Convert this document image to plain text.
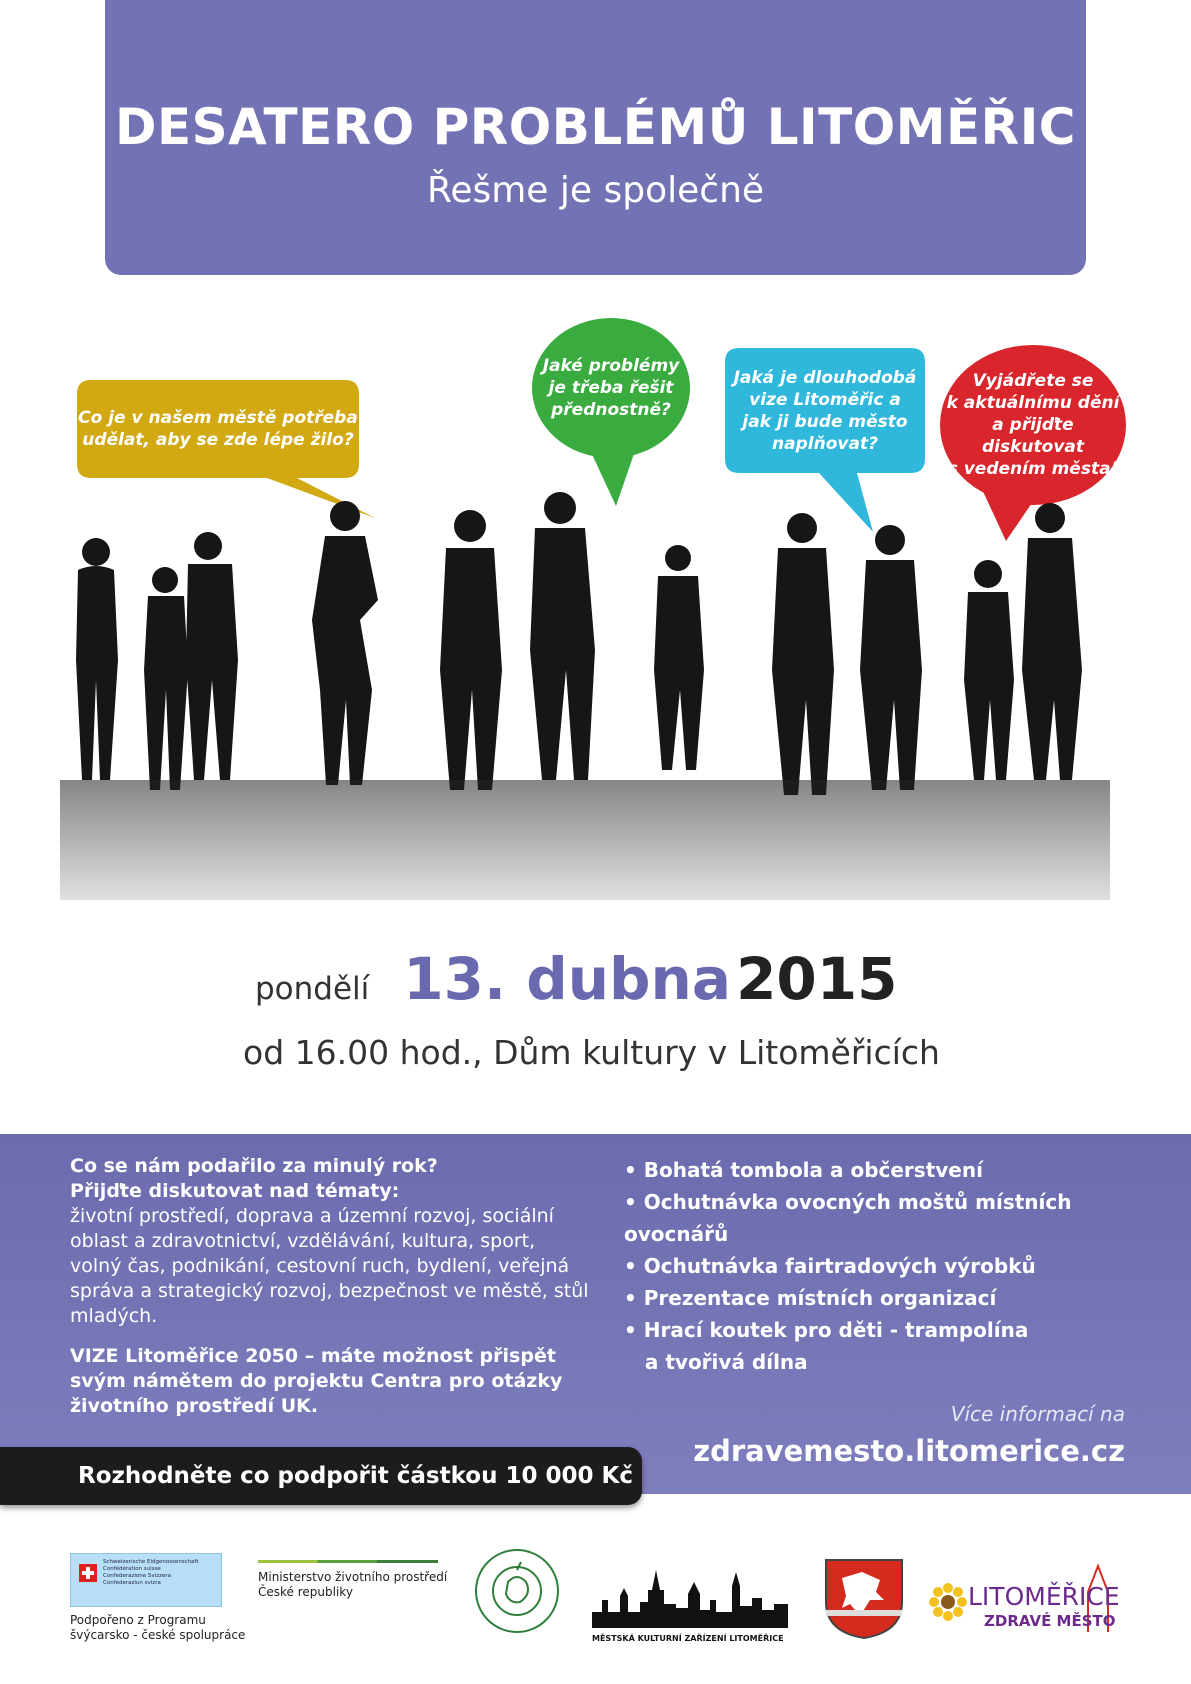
DESATERO PROBLÉMŮ LITOMĚŘIC
Řešme je společně
Co je v našem městě potřeba
udělat, aby se zde lépe žilo?
Jaké problémy
je třeba řešit
přednostně?
Jaká je dlouhodobá
vize Litoměřic a
jak ji bude město
naplňovat?
Vyjádřete se
k aktuálnímu dění
a přijďte diskutovat
s vedením města!
pondělí 13. dubna 2015
od 16.00 hod., Dům kultury v Litoměřicích
Co se nám podařilo za minulý rok?
Přijďte diskutovat nad tématy:
životní prostředí, doprava a územní rozvoj, sociální oblast a zdravotnictví, vzdělávání, kultura, sport, volný čas, podnikání, cestovní ruch, bydlení, veřejná správa a strategický rozvoj, bezpečnost ve městě, stůl mladých.
VIZE Litoměřice 2050 – máte možnost přispět svým námětem do projektu Centra pro otázky životního prostředí UK.
• Bohatá tombola a občerstvení
• Ochutnávka ovocných moštů místních ovocnářů
• Ochutnávka fairtradových výrobků
• Prezentace místních organizací
• Hrací koutek pro děti - trampolína
a tvořivá dílna
Více informací na
zdravemesto.litomerice.cz
Rozhodněte co podpořit částkou 10 000 Kč
Schweizerische Eidgenossenschaft
Confédération suisse
Confederazione Svizzera
Confederaziun svizra
Podpořeno z Programu
švýcarsko - české spolupráce
Ministerstvo životního prostředí
České republiky
MĚSTSKÁ KULTURNÍ ZAŘÍZENÍ LITOMĚŘICE
LITOMĚŘICE
ZDRAVÉ MĚSTO
